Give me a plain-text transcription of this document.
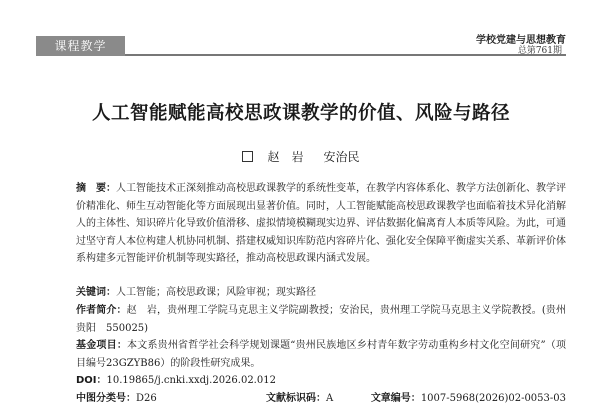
课程教学	学校党建与思想教育
总第761期
人工智能赋能高校思政课教学的价值、风险与路径
赵　岩 安治民
摘　要：人工智能技术正深刻推动高校思政课教学的系统性变革，在教学内容体系化、教学方法创新化、教学评价精准化、师生互动智能化等方面展现出显著价值。同时，人工智能赋能高校思政课教学也面临着技术异化消解人的主体性、知识碎片化导致价值滑移、虚拟情境模糊现实边界、评估数据化偏离育人本质等风险。为此，可通过坚守育人本位构建人机协同机制、搭建权威知识库防范内容碎片化、强化安全保障平衡虚实关系、革新评价体系构建多元智能评价机制等现实路径，推动高校思政课内涵式发展。
关键词：人工智能；高校思政课；风险审视；现实路径
作者简介：赵　岩，贵州理工学院马克思主义学院副教授；安治民，贵州理工学院马克思主义学院教授。(贵州　贵阳　550025)
基金项目：本文系贵州省哲学社会科学规划课题“贵州民族地区乡村青年数字劳动重构乡村文化空间研究”（项目编号23GZYB86）的阶段性研究成果。
DOI：10.19865/j.cnki.xxdj.2026.02.012
中图分类号：D26	文献标识码：A	文章编号：1007-5968(2026)02-0053-03
